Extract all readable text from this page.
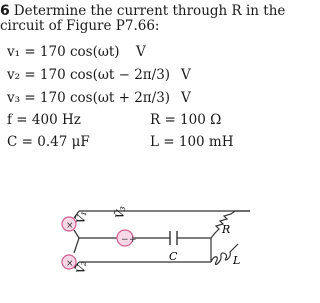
6 Determine the current through R in the circuit of Figure P7.66:
v₁ = 170 cos(ωt) V
v₂ = 170 cos(ωt − 2π/3) V
v₃ = 170 cos(ωt + 2π/3) V
f = 400 Hz	R = 100 Ω
C = 0.47 μF	L = 100 mH
×
Ṽ₁
× Ṽ₂
− +
Ṽ₃
C
R
L
